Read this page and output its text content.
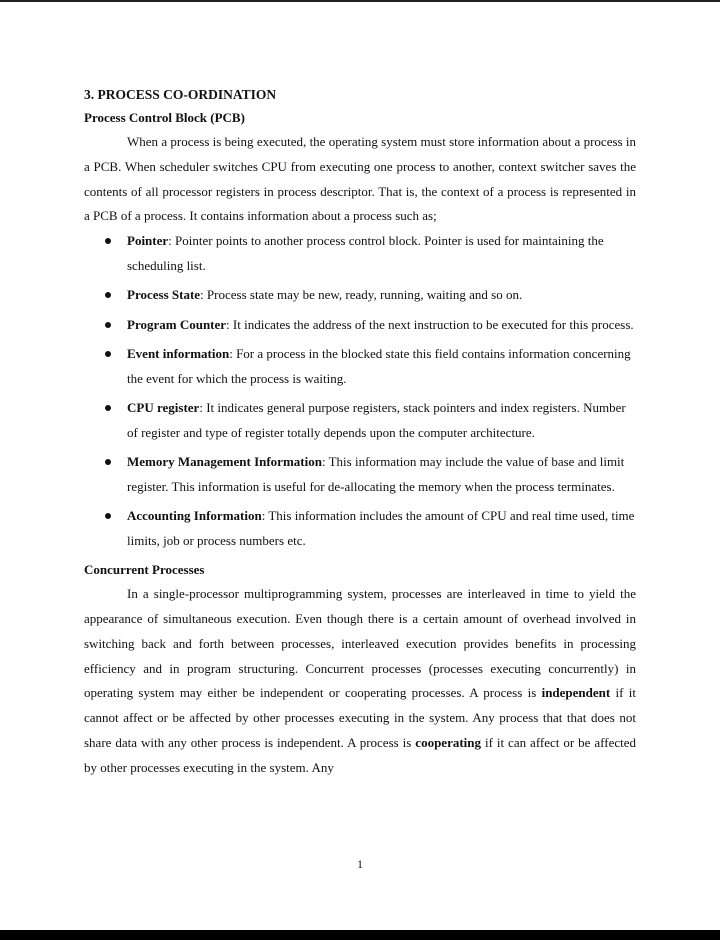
3. PROCESS CO-ORDINATION
Process Control Block (PCB)

When a process is being executed, the operating system must store information about a process in a PCB. When scheduler switches CPU from executing one process to another, context switcher saves the contents of all processor registers in process descriptor. That is, the context of a process is represented in a PCB of a process. It contains information about a process such as;

Pointer: Pointer points to another process control block. Pointer is used for maintaining the scheduling list.
Process State: Process state may be new, ready, running, waiting and so on.
Program Counter: It indicates the address of the next instruction to be executed for this process.
Event information: For a process in the blocked state this field contains information concerning the event for which the process is waiting.
CPU register: It indicates general purpose registers, stack pointers and index registers. Number of register and type of register totally depends upon the computer architecture.
Memory Management Information: This information may include the value of base and limit register. This information is useful for de-allocating the memory when the process terminates.
Accounting Information: This information includes the amount of CPU and real time used, time limits, job or process numbers etc.
Concurrent Processes

In a single-processor multiprogramming system, processes are interleaved in time to yield the appearance of simultaneous execution. Even though there is a certain amount of overhead involved in switching back and forth between processes, interleaved execution provides benefits in processing efficiency and in program structuring. Concurrent processes (processes executing concurrently) in operating system may either be independent or cooperating processes. A process is independent if it cannot affect or be affected by other processes executing in the system. Any process that that does not share data with any other process is independent. A process is cooperating if it can affect or be affected by other processes executing in the system. Any

1
